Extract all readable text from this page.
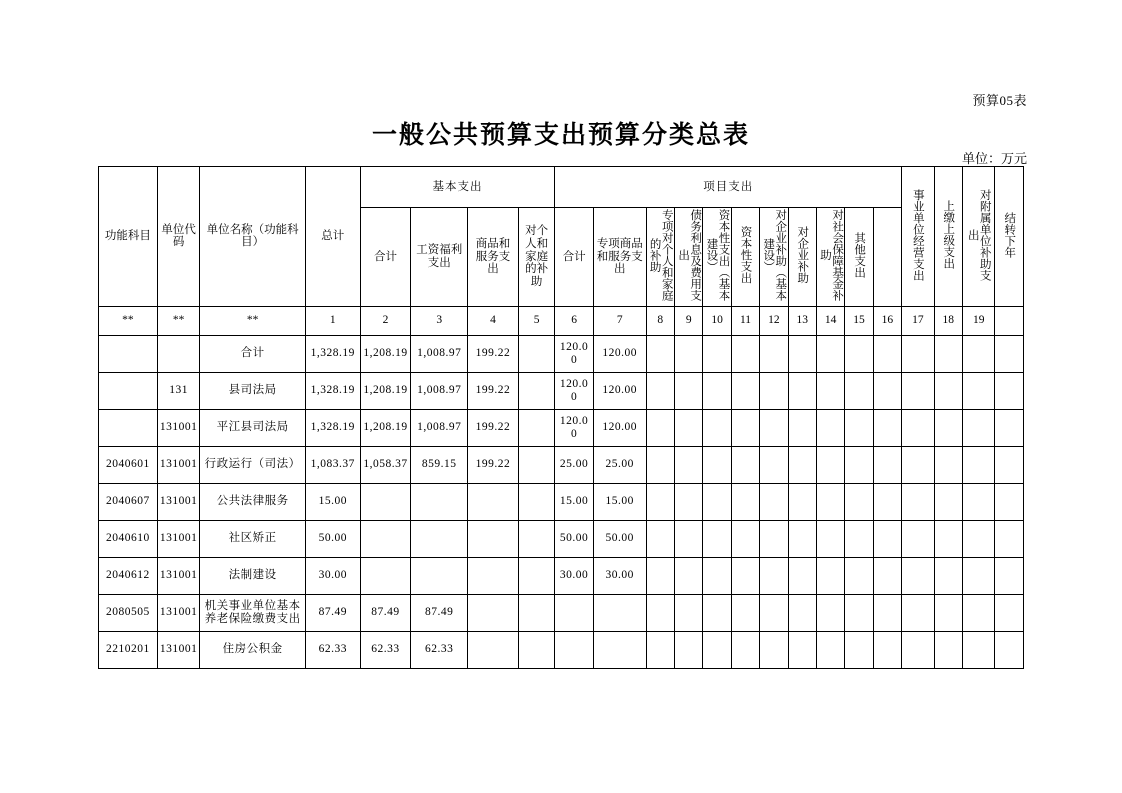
预算05表
一般公共预算支出预算分类总表
单位：万元
功能科目	单位代码	单位名称（功能科目）	总计	基本支出				项目支出											事业单位经营支出	上缴上级支出	对附属单位补助支出	结转下年
				合计	工资福利支出	商品和服务支出	对个人和家庭的补助	合计	专项商品和服务支出	专项对个人和家庭的补助	债务利息及费用支出	资本性支出（基本建设）	资本性支出	对企业补助（基本建设）	对企业补助	对社会保障基金补助	其他支出					
**	**	**	1	2	3	4	5	6	7	8	9	10	11	12	13	14	15	16	17	18	19	
		合计	1,328.19	1,208.19	1,008.97	199.22		120.00	120.00													
	131	县司法局	1,328.19	1,208.19	1,008.97	199.22		120.00	120.00													
	131001	平江县司法局	1,328.19	1,208.19	1,008.97	199.22		120.00	120.00													
2040601	131001	行政运行（司法）	1,083.37	1,058.37	859.15	199.22		25.00	25.00													
2040607	131001	公共法律服务	15.00					15.00	15.00													
2040610	131001	社区矫正	50.00					50.00	50.00													
2040612	131001	法制建设	30.00					30.00	30.00													
2080505	131001	机关事业单位基本养老保险缴费支出	87.49	87.49	87.49																	
2210201	131001	住房公积金	62.33	62.33	62.33																	
